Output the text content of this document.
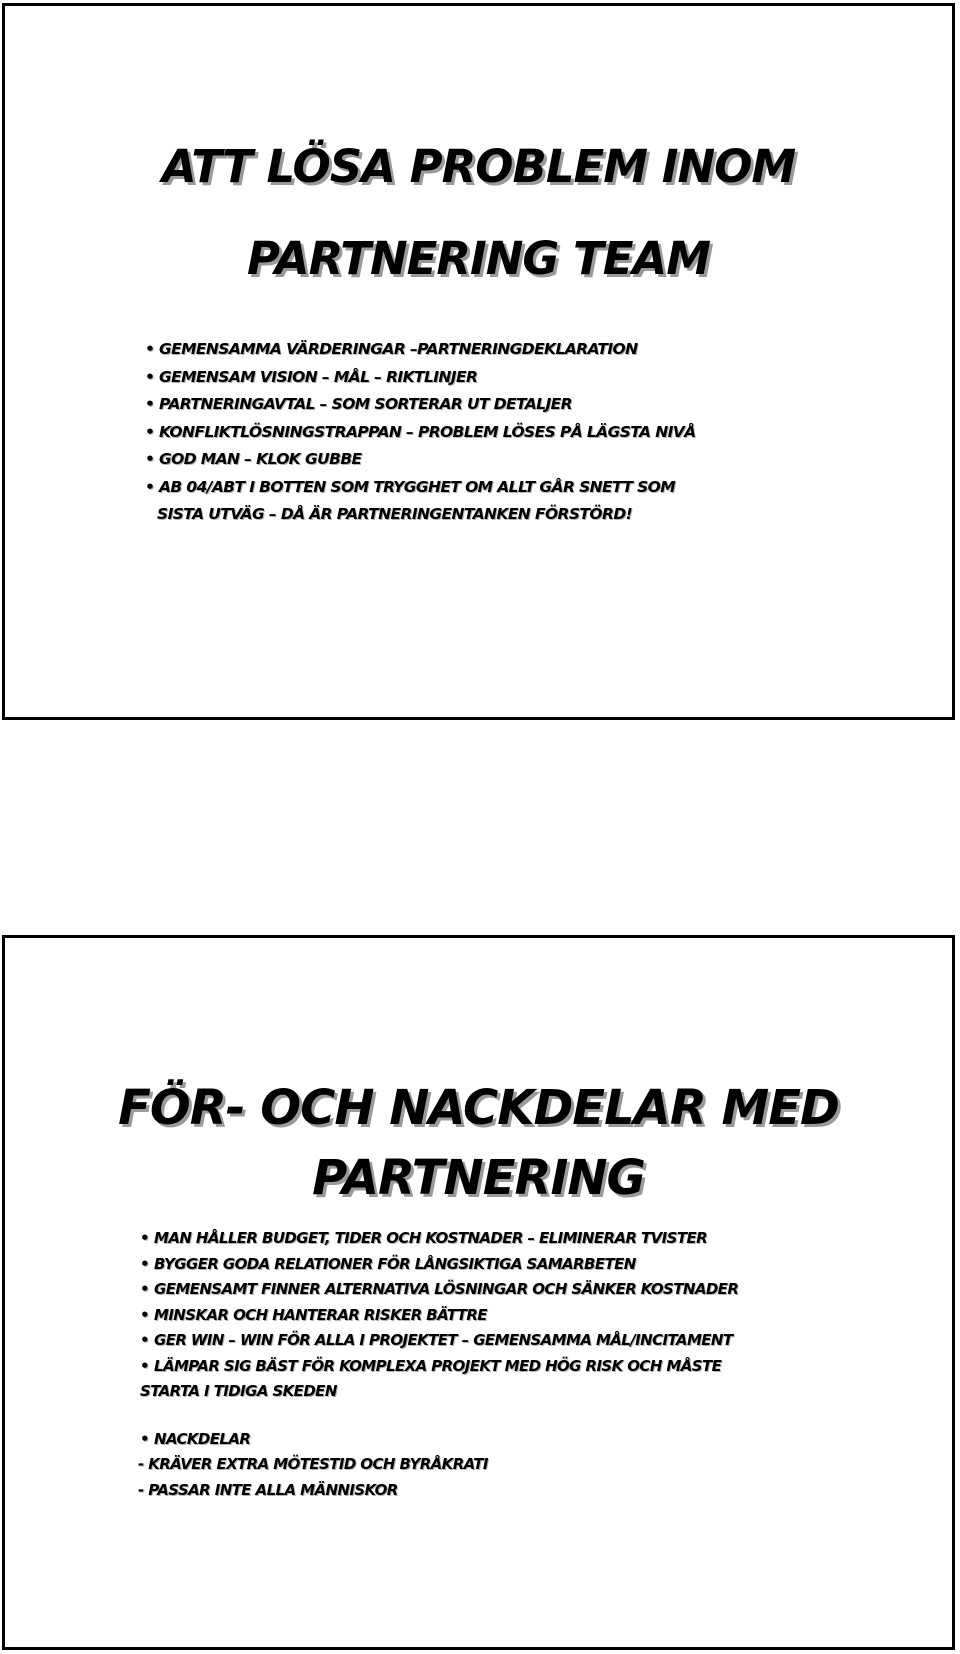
ATT LÖSA PROBLEM INOM
PARTNERING TEAM
• GEMENSAMMA VÄRDERINGAR –PARTNERINGDEKLARATION
• GEMENSAM VISION – MÅL – RIKTLINJER
• PARTNERINGAVTAL – SOM SORTERAR UT DETALJER
• KONFLIKTLÖSNINGSTRAPPAN – PROBLEM LÖSES PÅ LÄGSTA NIVÅ
• GOD MAN – KLOK GUBBE
• AB 04/ABT I BOTTEN SOM TRYGGHET OM ALLT GÅR SNETT SOM
SISTA UTVÄG – DÅ ÄR PARTNERINGENTANKEN FÖRSTÖRD!
FÖR- OCH NACKDELAR MED
PARTNERING
• MAN HÅLLER BUDGET, TIDER OCH KOSTNADER – ELIMINERAR TVISTER
• BYGGER GODA RELATIONER FÖR LÅNGSIKTIGA SAMARBETEN
• GEMENSAMT FINNER ALTERNATIVA LÖSNINGAR OCH SÄNKER KOSTNADER
• MINSKAR OCH HANTERAR RISKER BÄTTRE
• GER WIN – WIN FÖR ALLA I PROJEKTET – GEMENSAMMA MÅL/INCITAMENT
• LÄMPAR SIG BÄST FÖR KOMPLEXA PROJEKT MED HÖG RISK OCH MÅSTE
STARTA I TIDIGA SKEDEN
• NACKDELAR
- KRÄVER EXTRA MÖTESTID OCH BYRÅKRATI
- PASSAR INTE ALLA MÄNNISKOR
